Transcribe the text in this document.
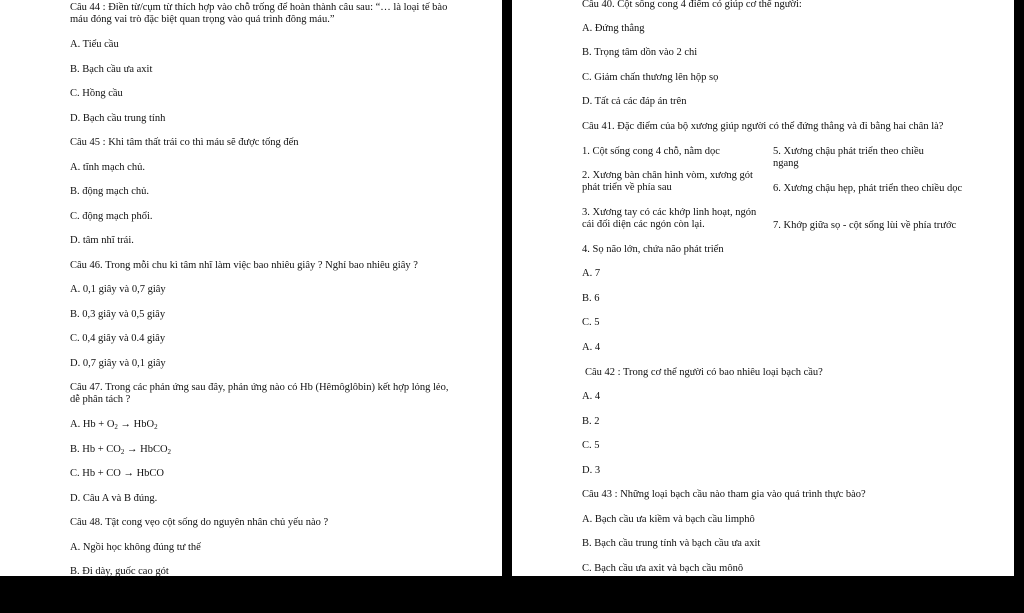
Câu 44 : Điền từ/cụm từ thích hợp vào chỗ trống để hoàn thành câu sau: “… là loại tế bào máu đóng vai trò đặc biệt quan trọng vào quá trình đông máu.”
A. Tiểu cầu
B. Bạch cầu ưa axit
C. Hồng cầu
D. Bạch cầu trung tính
Câu 45 : Khi tâm thất trái co thì máu sẽ được tống đến
A. tĩnh mạch chủ.
B. động mạch chủ.
C. động mạch phổi.
D. tâm nhĩ trái.
Câu 46. Trong mỗi chu kì tâm nhĩ làm việc bao nhiêu giây ? Nghỉ bao nhiêu giây ?
A. 0,1 giây và 0,7 giây
B. 0,3 giây và 0,5 giây
C. 0,4 giây và 0.4 giây
D. 0,7 giây và 0,1 giây
Câu 47. Trong các phản ứng sau đây, phản ứng nào có Hb (Hêmôglôbin) kết hợp lỏng lẻo, dễ phân tách ?
A. $Hb + O_2 \to HbO_2$
B. $Hb + CO_2$ → HbCO$_2$
C. Hb + CO → HbCO
D. Câu A và B đúng.
Câu 48. Tật cong vẹo cột sống do nguyên nhân chủ yếu nào ?
A. Ngồi học không đúng tư thế
B. Đi dày, guốc cao gót
Câu 40. Cột sống cong 4 điểm có giúp cơ thể người:
A. Đứng thẳng
B. Trọng tâm dồn vào 2 chi
C. Giảm chấn thương lên hộp sọ
D. Tất cả các đáp án trên
Câu 41. Đặc điểm của bộ xương giúp người có thể đứng thẳng và đi bằng hai chân là?
1. Cột sống cong 4 chỗ, nằm dọc
2. Xương bàn chân hình vòm, xương gót phát triển về phía sau
3. Xương tay có các khớp linh hoạt, ngón cái đối diện các ngón còn lại.
4. Sọ não lớn, chứa não phát triển
5. Xương chậu phát triển theo chiều ngang
6. Xương chậu hẹp, phát triển theo chiều dọc
7. Khớp giữa sọ - cột sống lùi về phía trước
A. 7
B. 6
C. 5
A. 4
Câu 42 : Trong cơ thể người có bao nhiêu loại bạch cầu?
A. 4
B. 2
C. 5
D. 3
Câu 43 : Những loại bạch cầu nào tham gia vào quá trình thực bào?
A. Bạch cầu ưa kiềm và bạch cầu limphô
B. Bạch cầu trung tính và bạch cầu ưa axit
C. Bạch cầu ưa axit và bạch cầu mônô
